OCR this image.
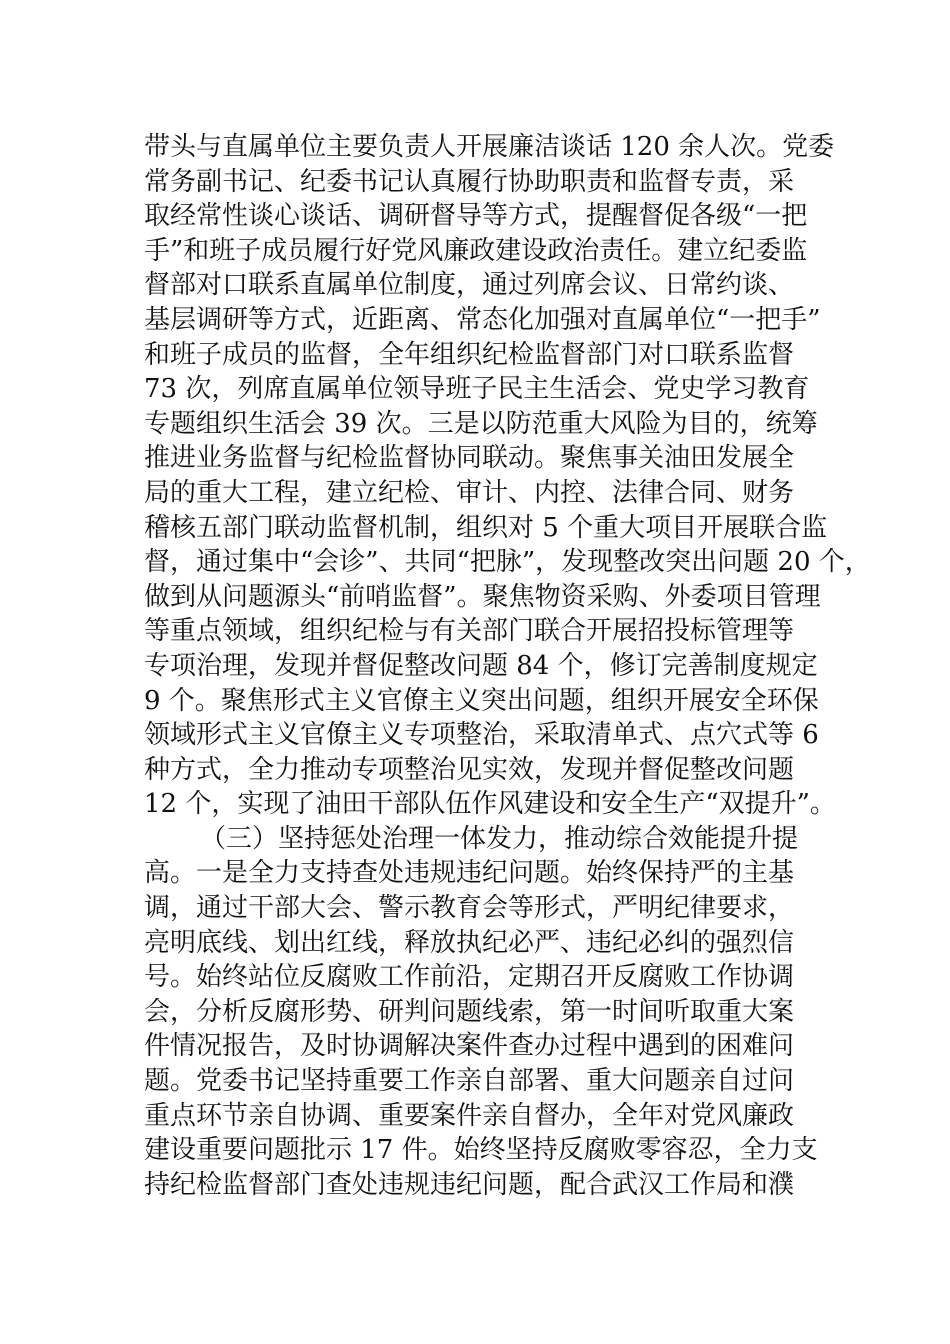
带头与直属单位主要负责人开展廉洁谈话 120 余人次。党委
常务副书记、纪委书记认真履行协助职责和监督专责，采
取经常性谈心谈话、调研督导等方式，提醒督促各级“一把
手”和班子成员履行好党风廉政建设政治责任。建立纪委监
督部对口联系直属单位制度，通过列席会议、日常约谈、
基层调研等方式，近距离、常态化加强对直属单位“一把手”
和班子成员的监督，全年组织纪检监督部门对口联系监督
73 次，列席直属单位领导班子民主生活会、党史学习教育
专题组织生活会 39 次。三是以防范重大风险为目的，统筹
推进业务监督与纪检监督协同联动。聚焦事关油田发展全
局的重大工程，建立纪检、审计、内控、法律合同、财务
稽核五部门联动监督机制，组织对 5 个重大项目开展联合监
督，通过集中“会诊”、共同“把脉”，发现整改突出问题 20 个，
做到从问题源头“前哨监督”。聚焦物资采购、外委项目管理
等重点领域，组织纪检与有关部门联合开展招投标管理等
专项治理，发现并督促整改问题 84 个，修订完善制度规定
9 个。聚焦形式主义官僚主义突出问题，组织开展安全环保
领域形式主义官僚主义专项整治，采取清单式、点穴式等 6
种方式，全力推动专项整治见实效，发现并督促整改问题
12 个，实现了油田干部队伍作风建设和安全生产“双提升”。
（三）坚持惩处治理一体发力，推动综合效能提升提
高。一是全力支持查处违规违纪问题。始终保持严的主基
调，通过干部大会、警示教育会等形式，严明纪律要求，
亮明底线、划出红线，释放执纪必严、违纪必纠的强烈信
号。始终站位反腐败工作前沿，定期召开反腐败工作协调
会，分析反腐形势、研判问题线索，第一时间听取重大案
件情况报告，及时协调解决案件查办过程中遇到的困难问
题。党委书记坚持重要工作亲自部署、重大问题亲自过问
重点环节亲自协调、重要案件亲自督办，全年对党风廉政
建设重要问题批示 17 件。始终坚持反腐败零容忍，全力支
持纪检监督部门查处违规违纪问题，配合武汉工作局和濮
